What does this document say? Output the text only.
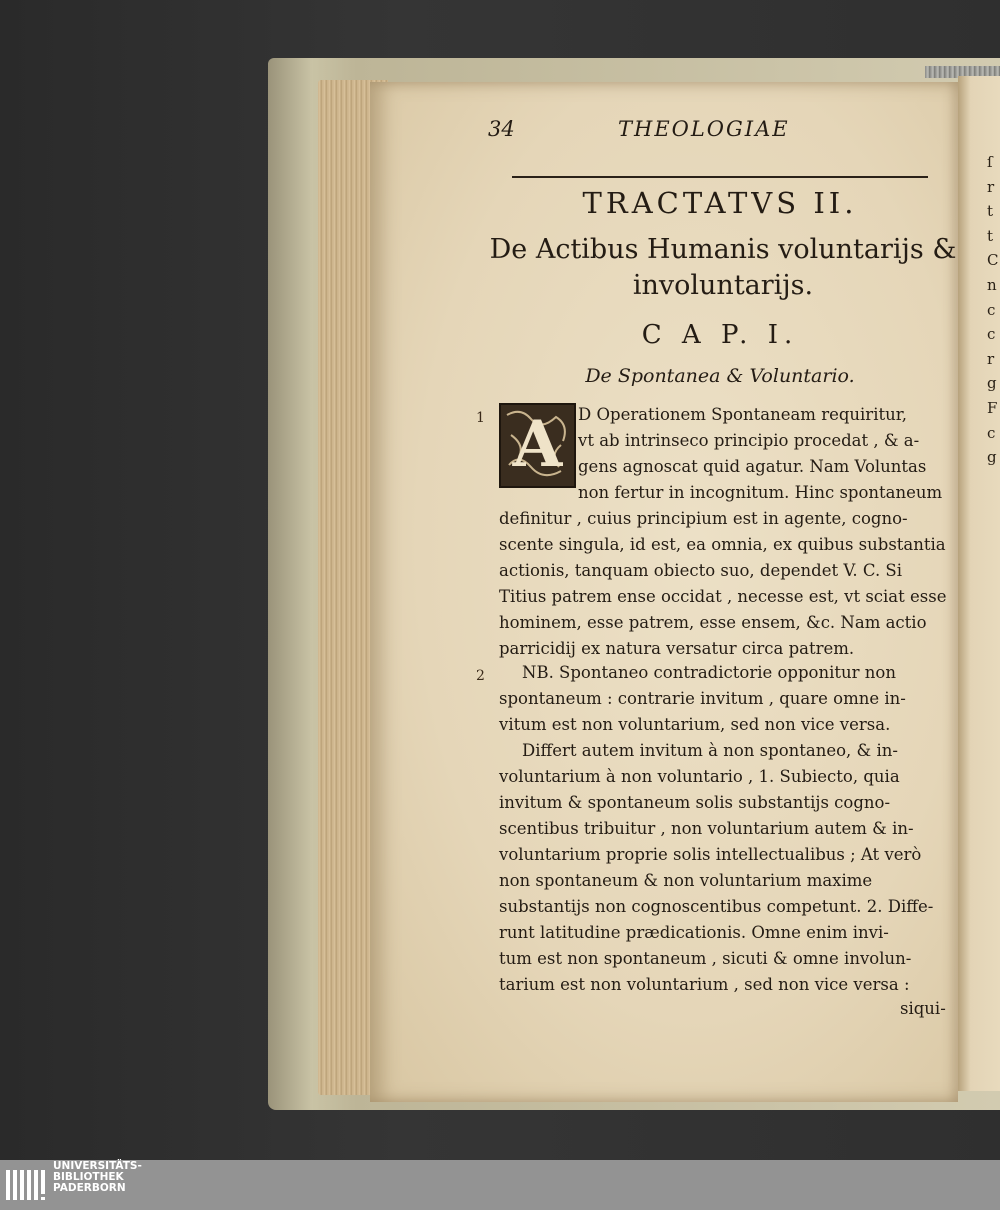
ſ
r
t
t
C
n
c
c
r
g
F
c
g
34	THEOLOGIAE
TRACTATVS II.
De Actibus Humanis voluntarijs &
involuntarijs.
C A P. I.
De Spontanea & Voluntario.
1
2
A D Operationem Spontaneam requiritur,
vt ab intrinseco principio procedat , & a-
gens agnoscat quid agatur. Nam Voluntas
non fertur in incognitum. Hinc spontaneum
definitur , cuius principium est in agente, cogno-
scente singula, id est, ea omnia, ex quibus substantia
actionis, tanquam obiecto suo, dependet V. C. Si
Titius patrem ense occidat , necesse est, vt sciat esse
hominem, esse patrem, esse ensem, &c. Nam actio
parricidij ex natura versatur circa patrem.
NB. Spontaneo contradictorie opponitur non
spontaneum : contrarie invitum , quare omne in-
vitum est non voluntarium, sed non vice versa.
Differt autem invitum à non spontaneo, & in-
voluntarium à non voluntario , 1. Subiecto, quia
invitum & spontaneum solis substantijs cogno-
scentibus tribuitur , non voluntarium autem & in-
voluntarium proprie solis intellectualibus ; At verò
non spontaneum & non voluntarium maxime
substantijs non cognoscentibus competunt. 2. Diffe-
runt latitudine prædicationis. Omne enim invi-
tum est non spontaneum , sicuti & omne involun-
tarium est non voluntarium , sed non vice versa :
siqui-
UNIVERSITÄTS-
BIBLIOTHEK
PADERBORN
